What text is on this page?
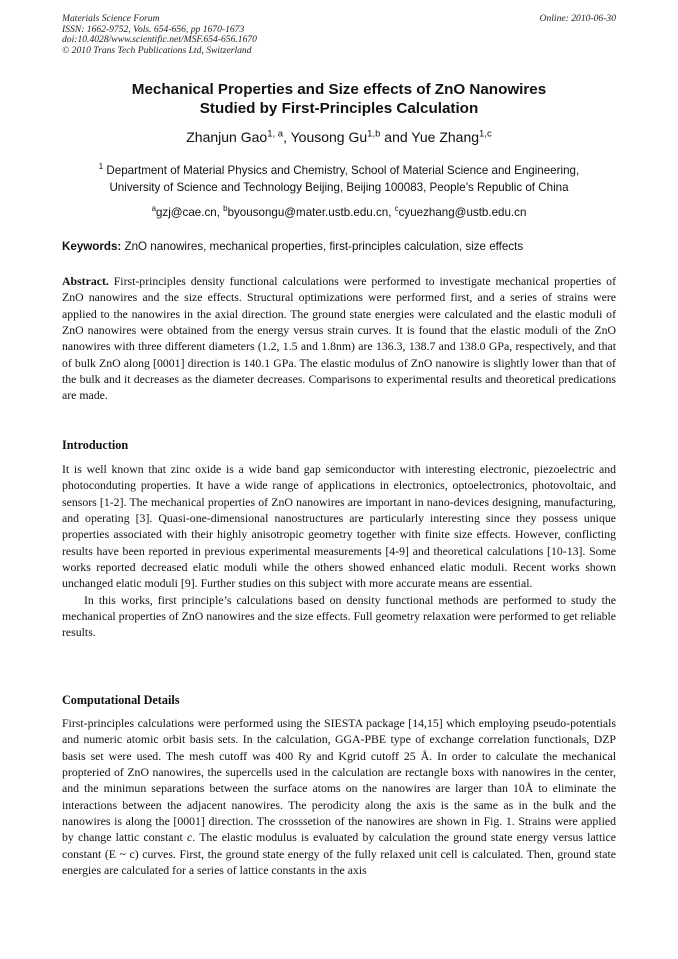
Materials Science Forum
ISSN: 1662-9752, Vols. 654-656, pp 1670-1673
doi:10.4028/www.scientific.net/MSF.654-656.1670
© 2010 Trans Tech Publications Ltd, Switzerland
Online: 2010-06-30
Mechanical Properties and Size effects of ZnO Nanowires
Studied by First-Principles Calculation
Zhanjun Gao$^{1, a}$, Yousong Gu$^{1,b}$ and Yue Zhang$^{1,c}$
$^1$ Department of Material Physics and Chemistry, School of Material Science and Engineering,
University of Science and Technology Beijing, Beijing 100083, People’s Republic of China
$^a$gzj@cae.cn, $^b$byousongu@mater.ustb.edu.cn, $^c$cyuezhang@ustb.edu.cn
Keywords: ZnO nanowires, mechanical properties, first-principles calculation, size effects
Abstract. First-principles density functional calculations were performed to investigate mechanical properties of ZnO nanowires and the size effects. Structural optimizations were performed first, and a series of strains were applied to the nanowires in the axial direction. The ground state energies were calculated and the elastic moduli of ZnO nanowires were obtained from the energy versus strain curves. It is found that the elastic moduli of the ZnO nanowires with three different diameters (1.2, 1.5 and 1.8nm) are 136.3, 138.7 and 138.0 GPa, respectively, and that of bulk ZnO along [0001] direction is 140.1 GPa. The elastic modulus of ZnO nanowire is slightly lower than that of the bulk and it decreases as the diameter decreases. Comparisons to experimental results and theoretical predications are made.
Introduction

It is well known that zinc oxide is a wide band gap semiconductor with interesting electronic, piezoelectric and photoconduting properties. It have a wide range of applications in electronics, optoelectronics, photovoltaic, and sensors [1-2]. The mechanical properties of ZnO nanowires are important in nano-devices designing, manufacturing, and operating [3]. Quasi-one-dimensional nanostructures are particularly interesting since they possess unique properties associated with their highly anisotropic geometry together with finite size effects. However, conflicting results have been reported in previous experimental measurements [4-9] and theoretical calculations [10-13]. Some works reported decreased elatic moduli while the others showed enhanced elatic moduli. Recent works shown unchanged elatic moduli [9]. Further studies on this subject with more accurate means are essential.

In this works, first principle’s calculations based on density functional methods are performed to study the mechanical properties of ZnO nanowires and the size effects. Full geometry relaxation were performed to get reliable results.

Computational Details

First-principles calculations were performed using the SIESTA package [14,15] which employing pseudo-potentials and numeric atomic orbit basis sets. In the calculation, GGA-PBE type of exchange correlation functionals, DZP basis set were used. The mesh cutoff was 400 Ry and Kgrid cutoff 25 Å. In order to calculate the mechanical propteried of ZnO nanowires, the supercells used in the calculation are rectangle boxs with nanowires in the center, and the minimun separations between the surface atoms on the nanowires are larger than 10Å to eliminate the interactions between the adjacent nanowires. The perodicity along the axis is the same as in the bulk and the nanowires is along the [0001] direction. The crosssetion of the nanowires are shown in Fig. 1. Strains were applied by change lattic constant c. The elastic modulus is evaluated by calculation the ground state energy versus lattice constant (E ~ c) curves. First, the ground state energy of the fully relaxed unit cell is calculated. Then, ground state energies are calculated for a series of lattice constants in the axis
